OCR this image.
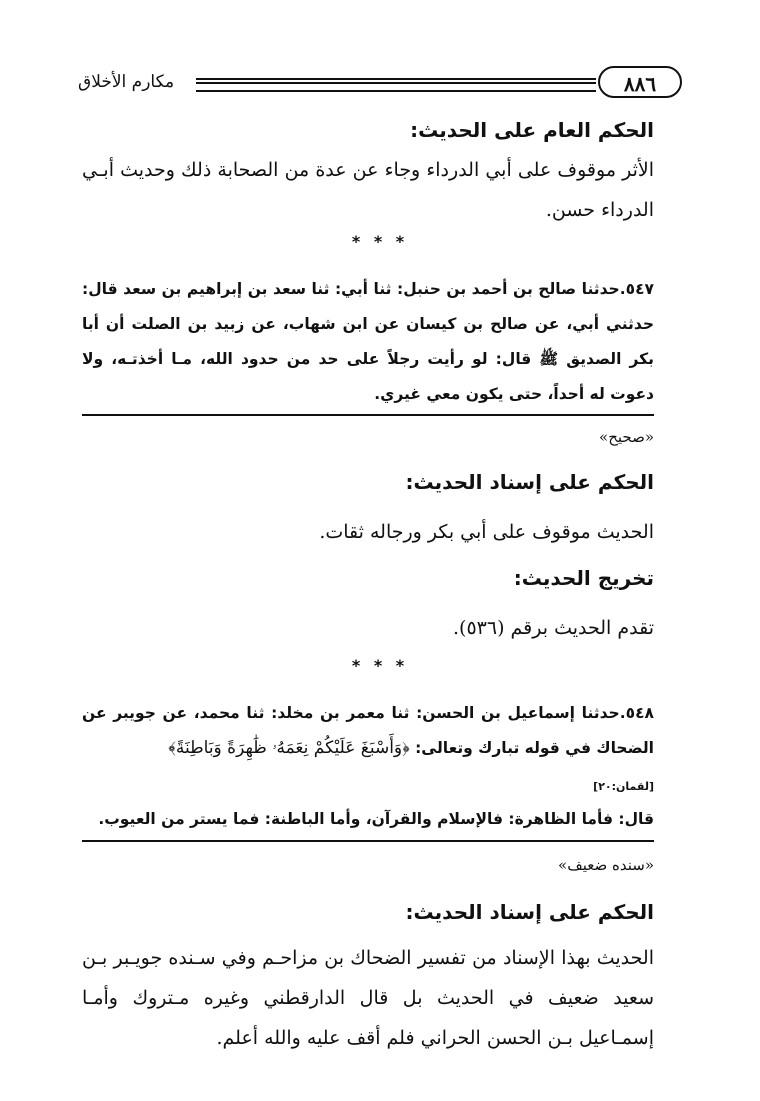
مكارم الأخلاق	٨٨٦
الحكم العام على الحديث:
الأثر موقوف على أبي الدرداء وجاء عن عدة من الصحابة ذلك وحديث أبـي الدرداء حسن.
* * *
٥٤٧.حدثنا صالح بن أحمد بن حنبل: ثنا أبي: ثنا سعد بن إبراهيم بن سعد قال: حدثني أبي، عن صالح بن كيسان عن ابن شهاب، عن زبيد بن الصلت أن أبا بكر الصديق ﷺ قال: لو رأيت رجلاً على حد من حدود الله، مـا أخذتـه، ولا دعوت له أحداً، حتى يكون معي غيري.
«صحيح»
الحكم على إسناد الحديث:
الحديث موقوف على أبي بكر ورجاله ثقات.
تخريج الحديث:
تقدم الحديث برقم (٥٣٦).
* * *
٥٤٨.حدثنا إسماعيل بن الحسن: ثنا معمر بن مخلد: ثنا محمد، عن جويبر عن الضحاك في قوله تبارك وتعالى: ﴿وَأَسْبَغَ عَلَيْكُمْ نِعَمَهُۥ ظَٰهِرَةً وَبَاطِنَةً﴾
[لقمان:٢٠]
قال: فأما الظاهرة: فالإسلام والقرآن، وأما الباطنة: فما يستر من العيوب.
«سنده ضعيف»
الحكم على إسناد الحديث:
الحديث بهذا الإسناد من تفسير الضحاك بن مزاحـم وفي سـنده جويـبر بـن سعيد ضعيف في الحديث بل قال الدارقطني وغيره مـتروك وأمـا إسمـاعيل بـن الحسن الحراني فلم أقف عليه والله أعلم.
